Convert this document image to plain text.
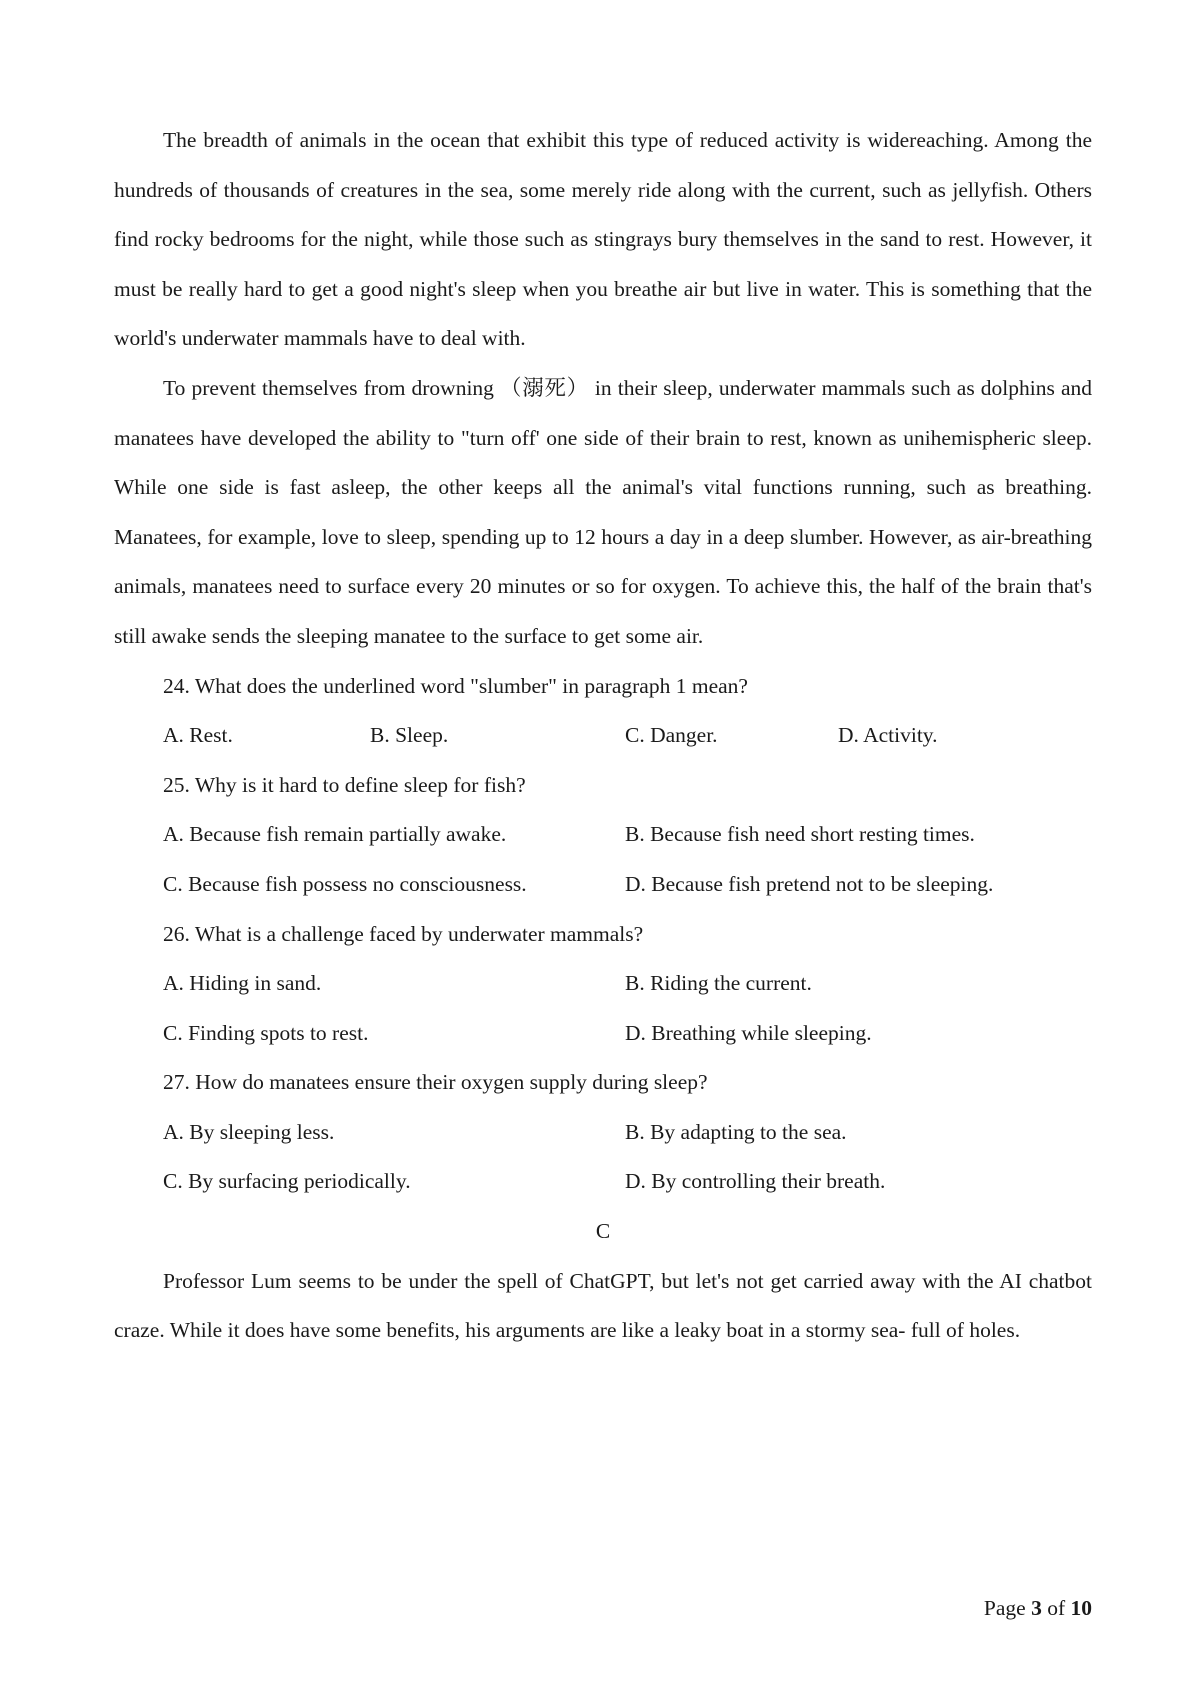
The breadth of animals in the ocean that exhibit this type of reduced activity is widereaching. Among the hundreds of thousands of creatures in the sea, some merely ride along with the current, such as jellyfish. Others find rocky bedrooms for the night, while those such as stingrays bury themselves in the sand to rest. However, it must be really hard to get a good night's sleep when you breathe air but live in water. This is something that the world's underwater mammals have to deal with.

To prevent themselves from drowning （溺死） in their sleep, underwater mammals such as dolphins and manatees have developed the ability to "turn off' one side of their brain to rest, known as unihemispheric sleep. While one side is fast asleep, the other keeps all the animal's vital functions running, such as breathing. Manatees, for example, love to sleep, spending up to 12 hours a day in a deep slumber. However, as air-breathing animals, manatees need to surface every 20 minutes or so for oxygen. To achieve this, the half of the brain that's still awake sends the sleeping manatee to the surface to get some air.

24. What does the underlined word "slumber" in paragraph 1 mean?

A. Rest.	B. Sleep.	C. Danger.	D. Activity.

25. Why is it hard to define sleep for fish?

A. Because fish remain partially awake.	B. Because fish need short resting times.
C. Because fish possess no consciousness.	D. Because fish pretend not to be sleeping.

26. What is a challenge faced by underwater mammals?

A. Hiding in sand.	B. Riding the current.
C. Finding spots to rest.	D. Breathing while sleeping.

27. How do manatees ensure their oxygen supply during sleep?

A. By sleeping less.	B. By adapting to the sea.
C. By surfacing periodically.	D. By controlling their breath.

C

Professor Lum seems to be under the spell of ChatGPT, but let's not get carried away with the AI chatbot craze. While it does have some benefits, his arguments are like a leaky boat in a stormy sea- full of holes.

Page 3 of 10
